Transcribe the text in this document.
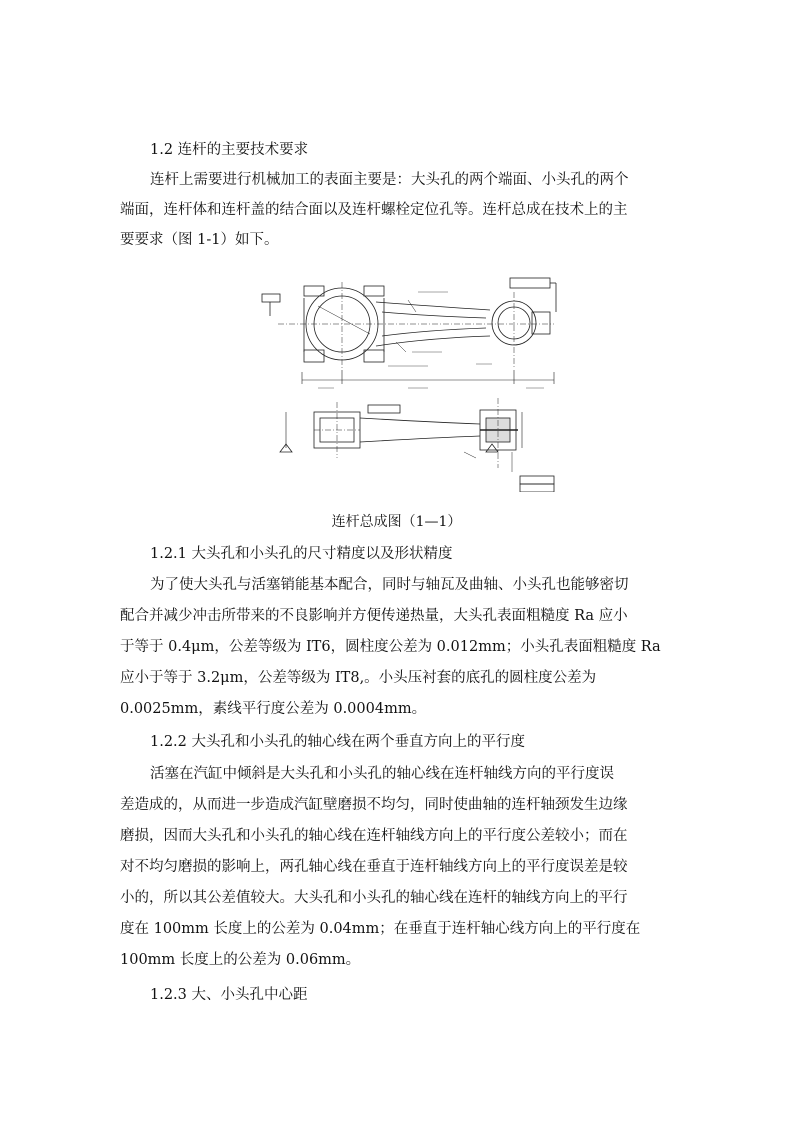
1.2 连杆的主要技术要求
连杆上需要进行机械加工的表面主要是：大头孔的两个端面、小头孔的两个
端面，连杆体和连杆盖的结合面以及连杆螺栓定位孔等。连杆总成在技术上的主
要要求（图 1-1）如下。
连杆总成图（1—1）
1.2.1 大头孔和小头孔的尺寸精度以及形状精度
为了使大头孔与活塞销能基本配合，同时与轴瓦及曲轴、小头孔也能够密切
配合并减少冲击所带来的不良影响并方便传递热量，大头孔表面粗糙度 Ra 应小
于等于 0.4μm，公差等级为 IT6，圆柱度公差为 0.012mm；小头孔表面粗糙度 Ra
应小于等于 3.2μm，公差等级为 IT8,。小头压衬套的底孔的圆柱度公差为
0.0025mm，素线平行度公差为 0.0004mm。
1.2.2 大头孔和小头孔的轴心线在两个垂直方向上的平行度
活塞在汽缸中倾斜是大头孔和小头孔的轴心线在连杆轴线方向的平行度误
差造成的，从而进一步造成汽缸壁磨损不均匀，同时使曲轴的连杆轴颈发生边缘
磨损，因而大头孔和小头孔的轴心线在连杆轴线方向上的平行度公差较小；而在
对不均匀磨损的影响上，两孔轴心线在垂直于连杆轴线方向上的平行度误差是较
小的，所以其公差值较大。大头孔和小头孔的轴心线在连杆的轴线方向上的平行
度在 100mm 长度上的公差为 0.04mm；在垂直于连杆轴心线方向上的平行度在
100mm 长度上的公差为 0.06mm。
1.2.3 大、小头孔中心距
